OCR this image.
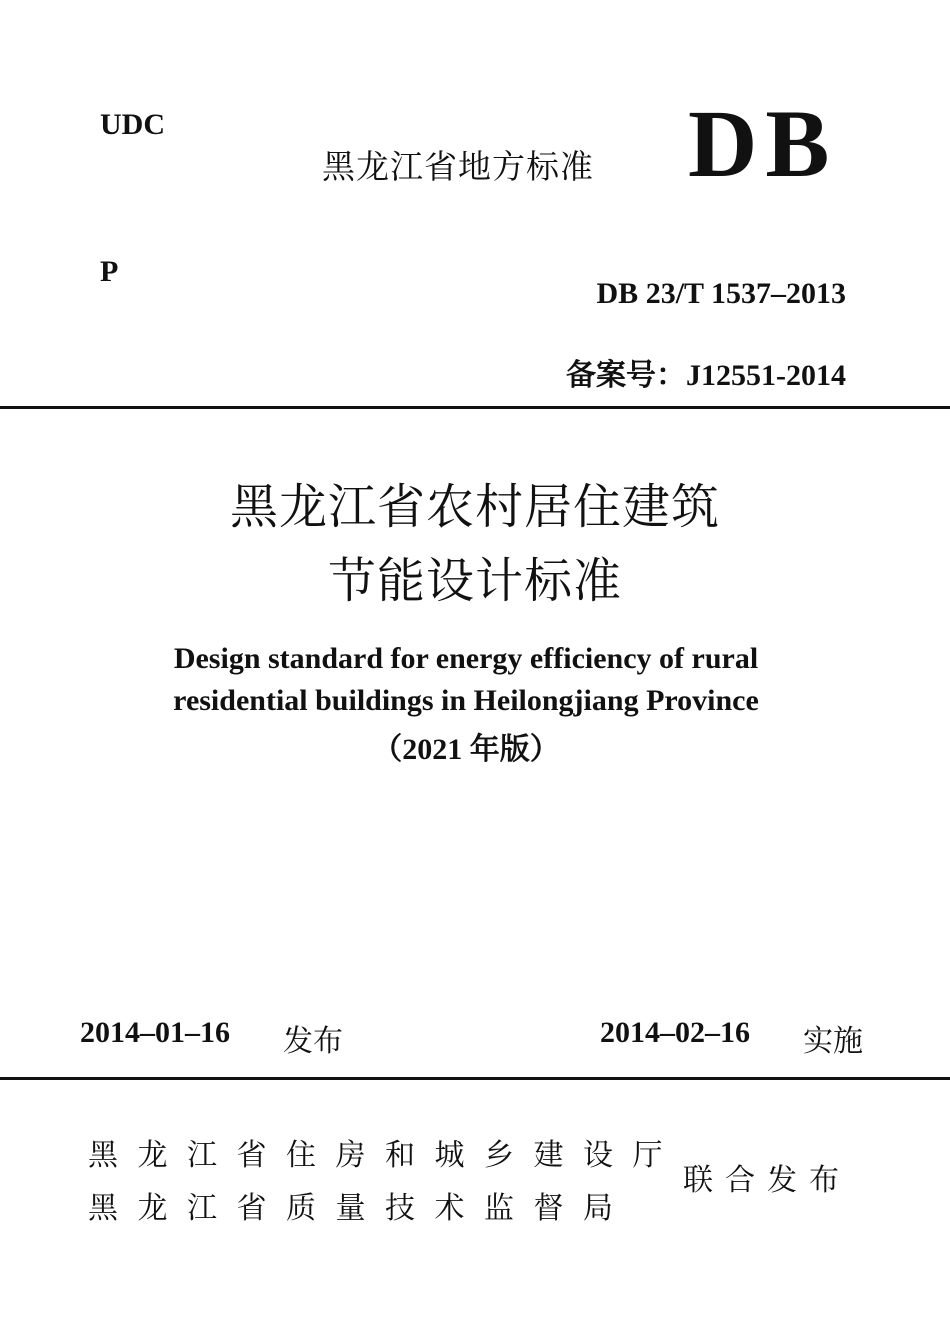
UDC
P
黑龙江省地方标准 DB
DB 23/T 1537–2013
备案号：J12551-2014
黑龙江省农村居住建筑
节能设计标准
Design standard for energy efficiency of rural
residential buildings in Heilongjiang Province
（2021 年版）
2014–01–16 发布	2014–02–16 实施
黑龙江省住房和城乡建设厅
黑龙江省质量技术监督局
联合发布
